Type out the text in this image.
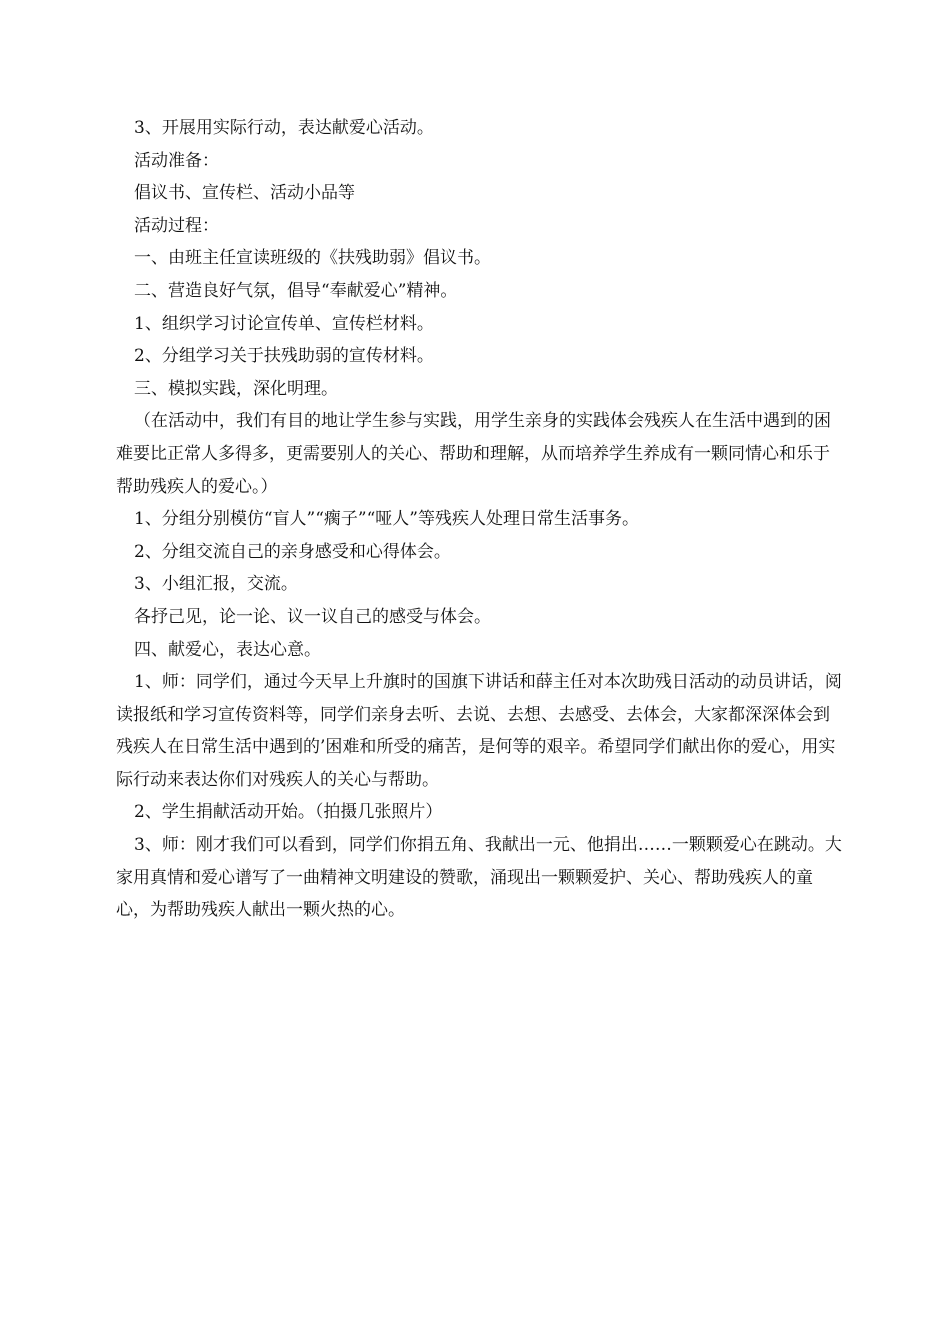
3、开展用实际行动，表达献爱心活动。

活动准备：

倡议书、宣传栏、活动小品等

活动过程：

一、由班主任宣读班级的《扶残助弱》倡议书。

二、营造良好气氛，倡导“奉献爱心”精神。

1、组织学习讨论宣传单、宣传栏材料。

2、分组学习关于扶残助弱的宣传材料。

三、模拟实践，深化明理。

（在活动中，我们有目的地让学生参与实践，用学生亲身的实践体会残疾人在生活中遇到的困难要比正常人多得多，更需要别人的关心、帮助和理解，从而培养学生养成有一颗同情心和乐于帮助残疾人的爱心。）

1、分组分别模仿“盲人”“瘸子”“哑人”等残疾人处理日常生活事务。

2、分组交流自己的亲身感受和心得体会。

3、小组汇报，交流。

各抒己见，论一论、议一议自己的感受与体会。

四、献爱心，表达心意。

1、师：同学们，通过今天早上升旗时的国旗下讲话和薛主任对本次助残日活动的动员讲话，阅读报纸和学习宣传资料等，同学们亲身去听、去说、去想、去感受、去体会，大家都深深体会到残疾人在日常生活中遇到的’困难和所受的痛苦，是何等的艰辛。希望同学们献出你的爱心，用实际行动来表达你们对残疾人的关心与帮助。

2、学生捐献活动开始。（拍摄几张照片）

3、师：刚才我们可以看到，同学们你捐五角、我献出一元、他捐出……一颗颗爱心在跳动。大家用真情和爱心谱写了一曲精神文明建设的赞歌，涌现出一颗颗爱护、关心、帮助残疾人的童心，为帮助残疾人献出一颗火热的心。
